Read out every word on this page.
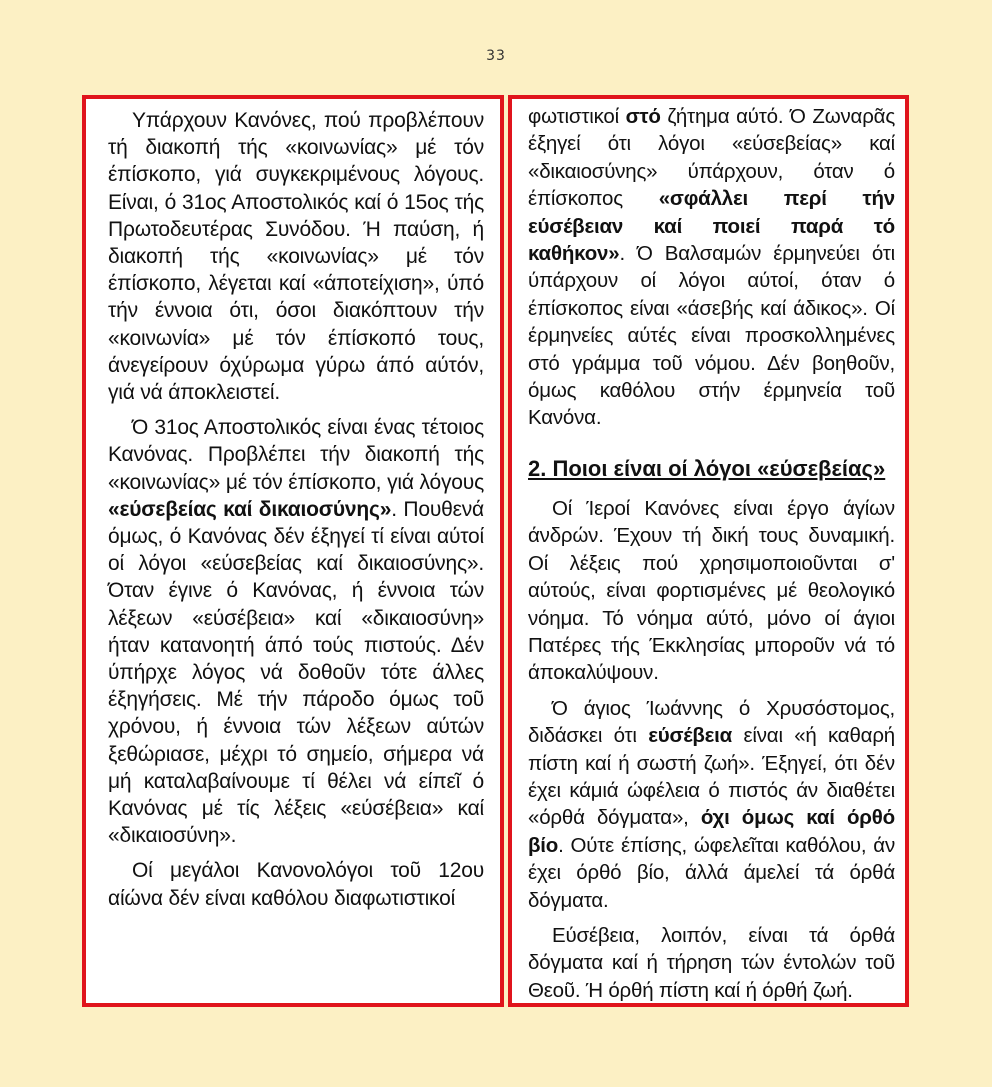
33

Υπάρχουν Κανόνες, πού προβλέπουν τή διακοπή τής «κοινωνίας» μέ τόν έπίσκοπο, γιά συγκεκριμένους λόγους. Είναι, ό 31ος Αποστολικός καί ό 15ος τής Πρωτοδευτέρας Συνόδου. Ή παύση, ή διακοπή τής «κοινωνίας» μέ τόν έπίσκοπο, λέγεται καί «άποτείχιση», ύπό τήν έννοια ότι, όσοι διακόπτουν τήν «κοινωνία» μέ τόν έπίσκοπό τους, άνεγείρουν όχύρωμα γύρω άπό αύτόν, γιά νά άποκλειστεί.

Ό 31ος Αποστολικός είναι ένας τέτοιος Κανόνας. Προβλέπει τήν διακοπή τής «κοινωνίας» μέ τόν έπίσκοπο, γιά λόγους «εύσεβείας καί δικαιοσύνης». Πουθενά όμως, ό Κανόνας δέν έξηγεί τί είναι αύτοί οί λόγοι «εύσεβείας καί δικαιοσύνης». Όταν έγινε ό Κανόνας, ή έννοια τών λέξεων «εύσέβεια» καί «δικαιοσύνη» ήταν κατανοητή άπό τούς πιστούς. Δέν ύπήρχε λόγος νά δοθοῦν τότε άλλες έξηγήσεις. Μέ τήν πάροδο όμως τοῦ χρόνου, ή έννοια τών λέξεων αύτών ξεθώριασε, μέχρι τό σημείο, σήμερα νά μή καταλαβαίνουμε τί θέλει νά είπεῖ ό Κανόνας μέ τίς λέξεις «εύσέβεια» καί «δικαιοσύνη».

Οί μεγάλοι Κανονολόγοι τοῦ 12ου αίώνα δέν είναι καθόλου διαφωτιστικοί

φωτιστικοί στό ζήτημα αύτό. Ό Ζωναρᾶς έξηγεί ότι λόγοι «εύσεβείας» καί «δικαιοσύνης» ύπάρχουν, όταν ό έπίσκοπος «σφάλλει περί τήν εύσέβειαν καί ποιεί παρά τό καθήκον». Ό Βαλσαμών έρμηνεύει ότι ύπάρχουν οί λόγοι αύτοί, όταν ό έπίσκοπος είναι «άσεβής καί άδικος». Οί έρμηνείες αύτές είναι προσκολλημένες στό γράμμα τοῦ νόμου. Δέν βοηθοῦν, όμως καθόλου στήν έρμηνεία τοῦ Κανόνα.

2. Ποιοι είναι οί λόγοι «εύσεβείας»

Οί Ίεροί Κανόνες είναι έργο άγίων άνδρών. Έχουν τή δική τους δυναμική. Οί λέξεις πού χρησιμοποιοῦνται σ' αύτούς, είναι φορτισμένες μέ θεολογικό νόημα. Τό νόημα αύτό, μόνο οί άγιοι Πατέρες τής Έκκλησίας μποροῦν νά τό άποκαλύψουν.

Ό άγιος Ίωάννης ό Χρυσόστομος, διδάσκει ότι εύσέβεια είναι «ή καθαρή πίστη καί ή σωστή ζωή». Έξηγεί, ότι δέν έχει κάμιά ώφέλεια ό πιστός άν διαθέτει «όρθά δόγματα», όχι όμως καί όρθό βίο. Ούτε έπίσης, ώφελεῖται καθόλου, άν έχει όρθό βίο, άλλά άμελεί τά όρθά δόγματα.

Εύσέβεια, λοιπόν, είναι τά όρθά δόγματα καί ή τήρηση τών έντολών τοῦ Θεοῦ. Ή όρθή πίστη καί ή όρθή ζωή.
